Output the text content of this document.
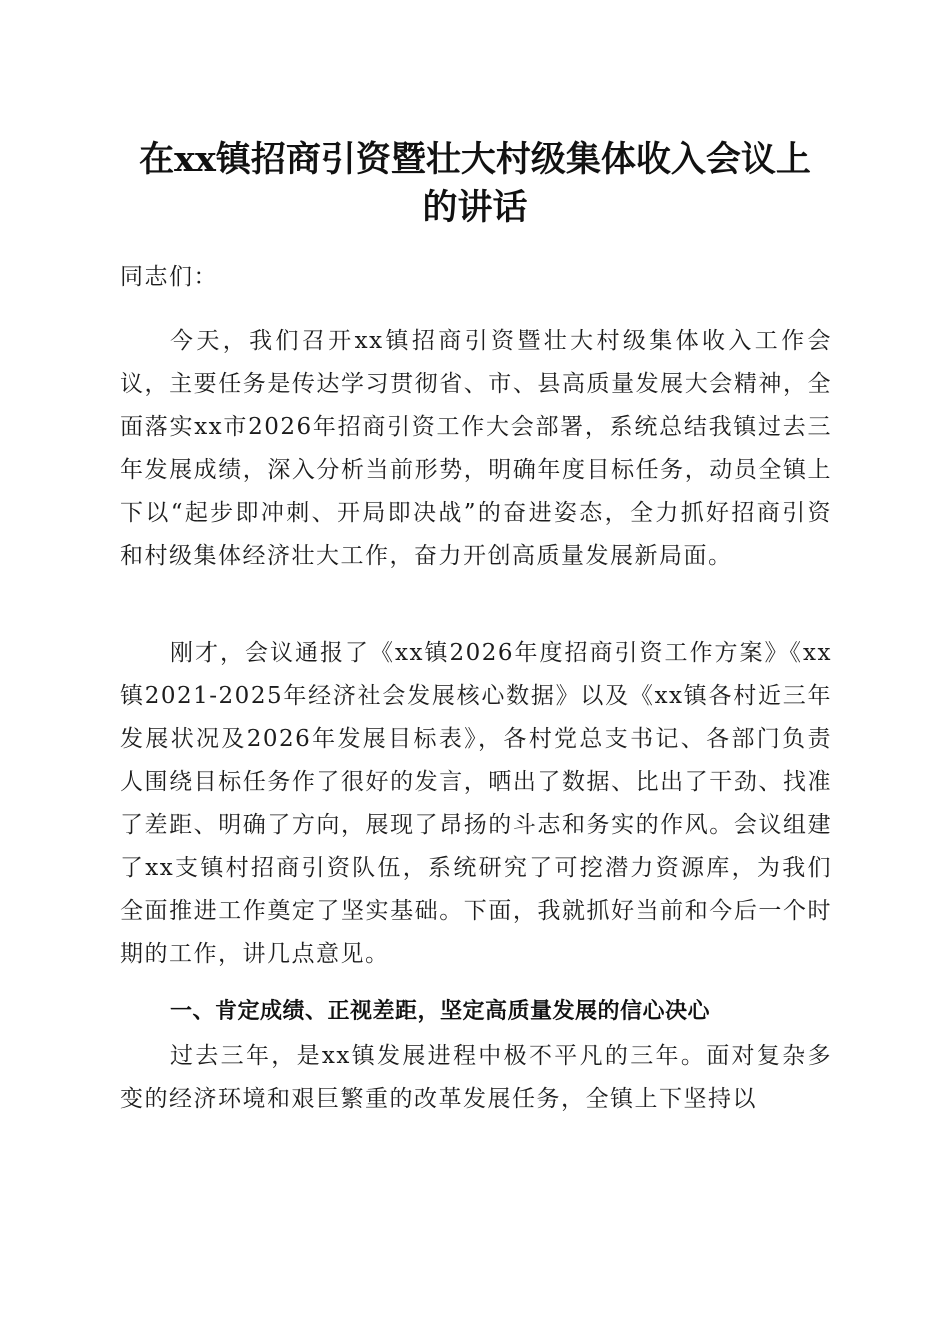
在xx镇招商引资暨壮大村级集体收入会议上
的讲话

同志们：

今天，我们召开xx镇招商引资暨壮大村级集体收入工作会议，主要任务是传达学习贯彻省、市、县高质量发展大会精神，全面落实xx市2026年招商引资工作大会部署，系统总结我镇过去三年发展成绩，深入分析当前形势，明确年度目标任务，动员全镇上下以“起步即冲刺、开局即决战”的奋进姿态，全力抓好招商引资和村级集体经济壮大工作，奋力开创高质量发展新局面。

刚才，会议通报了《xx镇2026年度招商引资工作方案》《xx镇2021-2025年经济社会发展核心数据》以及《xx镇各村近三年发展状况及2026年发展目标表》，各村党总支书记、各部门负责人围绕目标任务作了很好的发言，晒出了数据、比出了干劲、找准了差距、明确了方向，展现了昂扬的斗志和务实的作风。会议组建了xx支镇村招商引资队伍，系统研究了可挖潜力资源库，为我们全面推进工作奠定了坚实基础。下面，我就抓好当前和今后一个时期的工作，讲几点意见。

一、肯定成绩、正视差距，坚定高质量发展的信心决心

过去三年，是xx镇发展进程中极不平凡的三年。面对复杂多变的经济环境和艰巨繁重的改革发展任务，全镇上下坚持以
